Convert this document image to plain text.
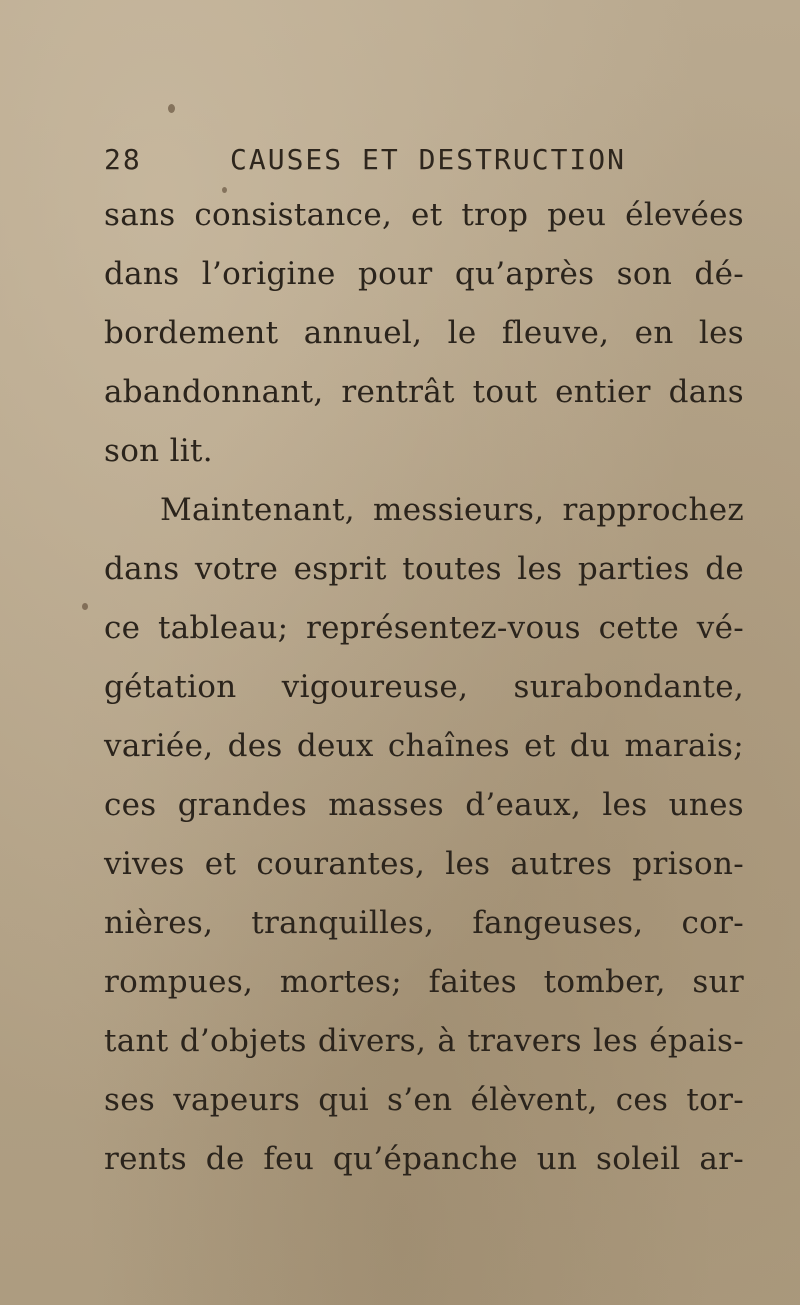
28	CAUSES ET DESTRUCTION
sans consistance, et trop peu élevées
dans l’origine pour qu’après son dé-
bordement annuel, le fleuve, en les
abandonnant, rentrât tout entier dans
son lit.
Maintenant, messieurs, rapprochez
dans votre esprit toutes les parties de
ce tableau; représentez-vous cette vé-
gétation vigoureuse, surabondante,
variée, des deux chaînes et du marais;
ces grandes masses d’eaux, les unes
vives et courantes, les autres prison-
nières, tranquilles, fangeuses, cor-
rompues, mortes; faites tomber, sur
tant d’objets divers, à travers les épais-
ses vapeurs qui s’en élèvent, ces tor-
rents de feu qu’épanche un soleil ar-
